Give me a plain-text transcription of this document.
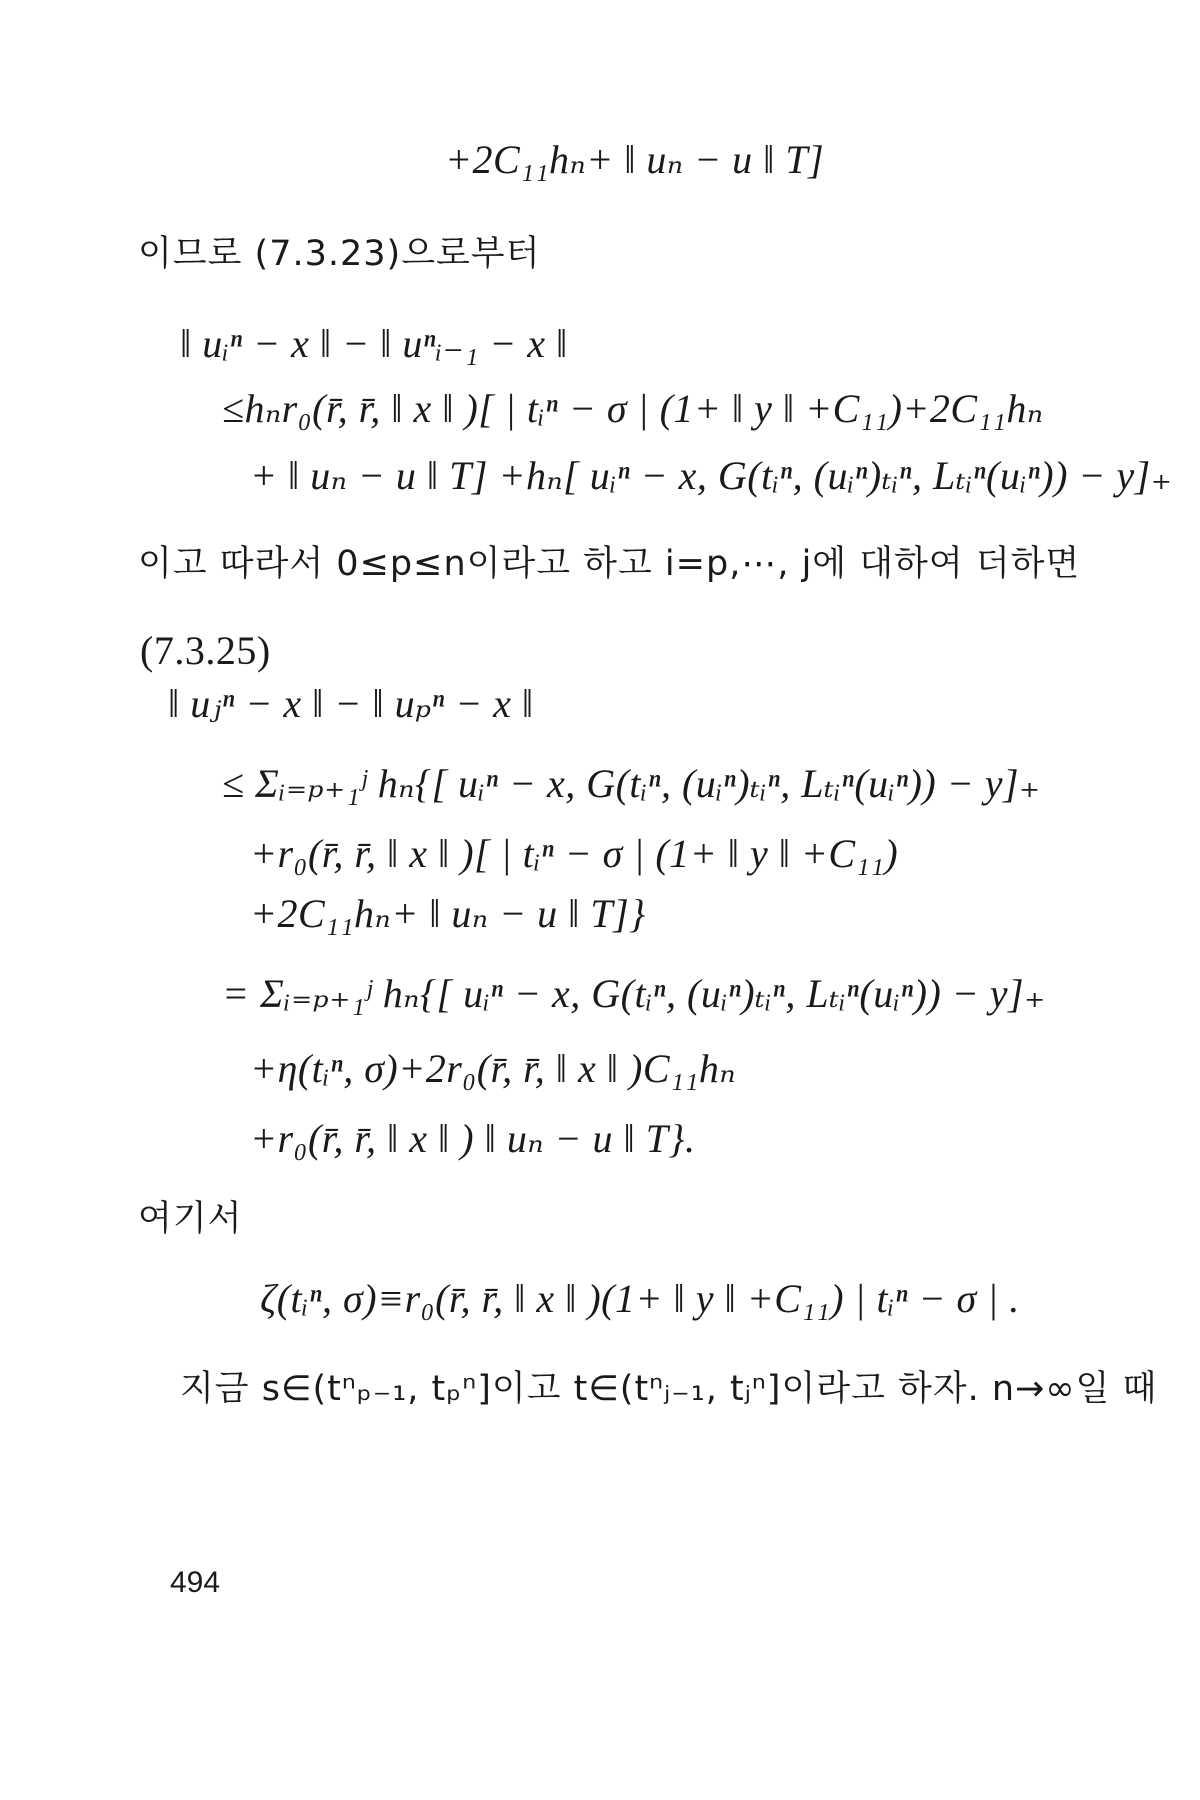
+2C₁₁hₙ+ ‖ uₙ − u ‖ T]
이므로 (7.3.23)으로부터
‖ uᵢⁿ − x ‖ − ‖ uⁿᵢ₋₁ − x ‖
≤hₙr₀(r̄, r̄, ‖ x ‖ )[ | tᵢⁿ − σ | (1+ ‖ y ‖ +C₁₁)+2C₁₁hₙ
+ ‖ uₙ − u ‖ T] +hₙ[ uᵢⁿ − x, G(tᵢⁿ, (uᵢⁿ)ₜᵢⁿ, Lₜᵢⁿ(uᵢⁿ)) − y]₊
이고 따라서 0≤p≤n이라고 하고 i=p,⋯, j에 대하여 더하면
(7.3.25)
‖ uⱼⁿ − x ‖ − ‖ uₚⁿ − x ‖
≤ Σᵢ₌ₚ₊₁ʲ hₙ{[ uᵢⁿ − x, G(tᵢⁿ, (uᵢⁿ)ₜᵢⁿ, Lₜᵢⁿ(uᵢⁿ)) − y]₊
+r₀(r̄, r̄, ‖ x ‖ )[ | tᵢⁿ − σ | (1+ ‖ y ‖ +C₁₁)
+2C₁₁hₙ+ ‖ uₙ − u ‖ T]}
= Σᵢ₌ₚ₊₁ʲ hₙ{[ uᵢⁿ − x, G(tᵢⁿ, (uᵢⁿ)ₜᵢⁿ, Lₜᵢⁿ(uᵢⁿ)) − y]₊
+η(tᵢⁿ, σ)+2r₀(r̄, r̄, ‖ x ‖ )C₁₁hₙ
+r₀(r̄, r̄, ‖ x ‖ ) ‖ uₙ − u ‖ T}.
여기서
ζ(tᵢⁿ, σ)≡r₀(r̄, r̄, ‖ x ‖ )(1+ ‖ y ‖ +C₁₁) | tᵢⁿ − σ | .
지금 s∈(tⁿₚ₋₁, tₚⁿ]이고 t∈(tⁿⱼ₋₁, tⱼⁿ]이라고 하자. n→∞일 때
494
